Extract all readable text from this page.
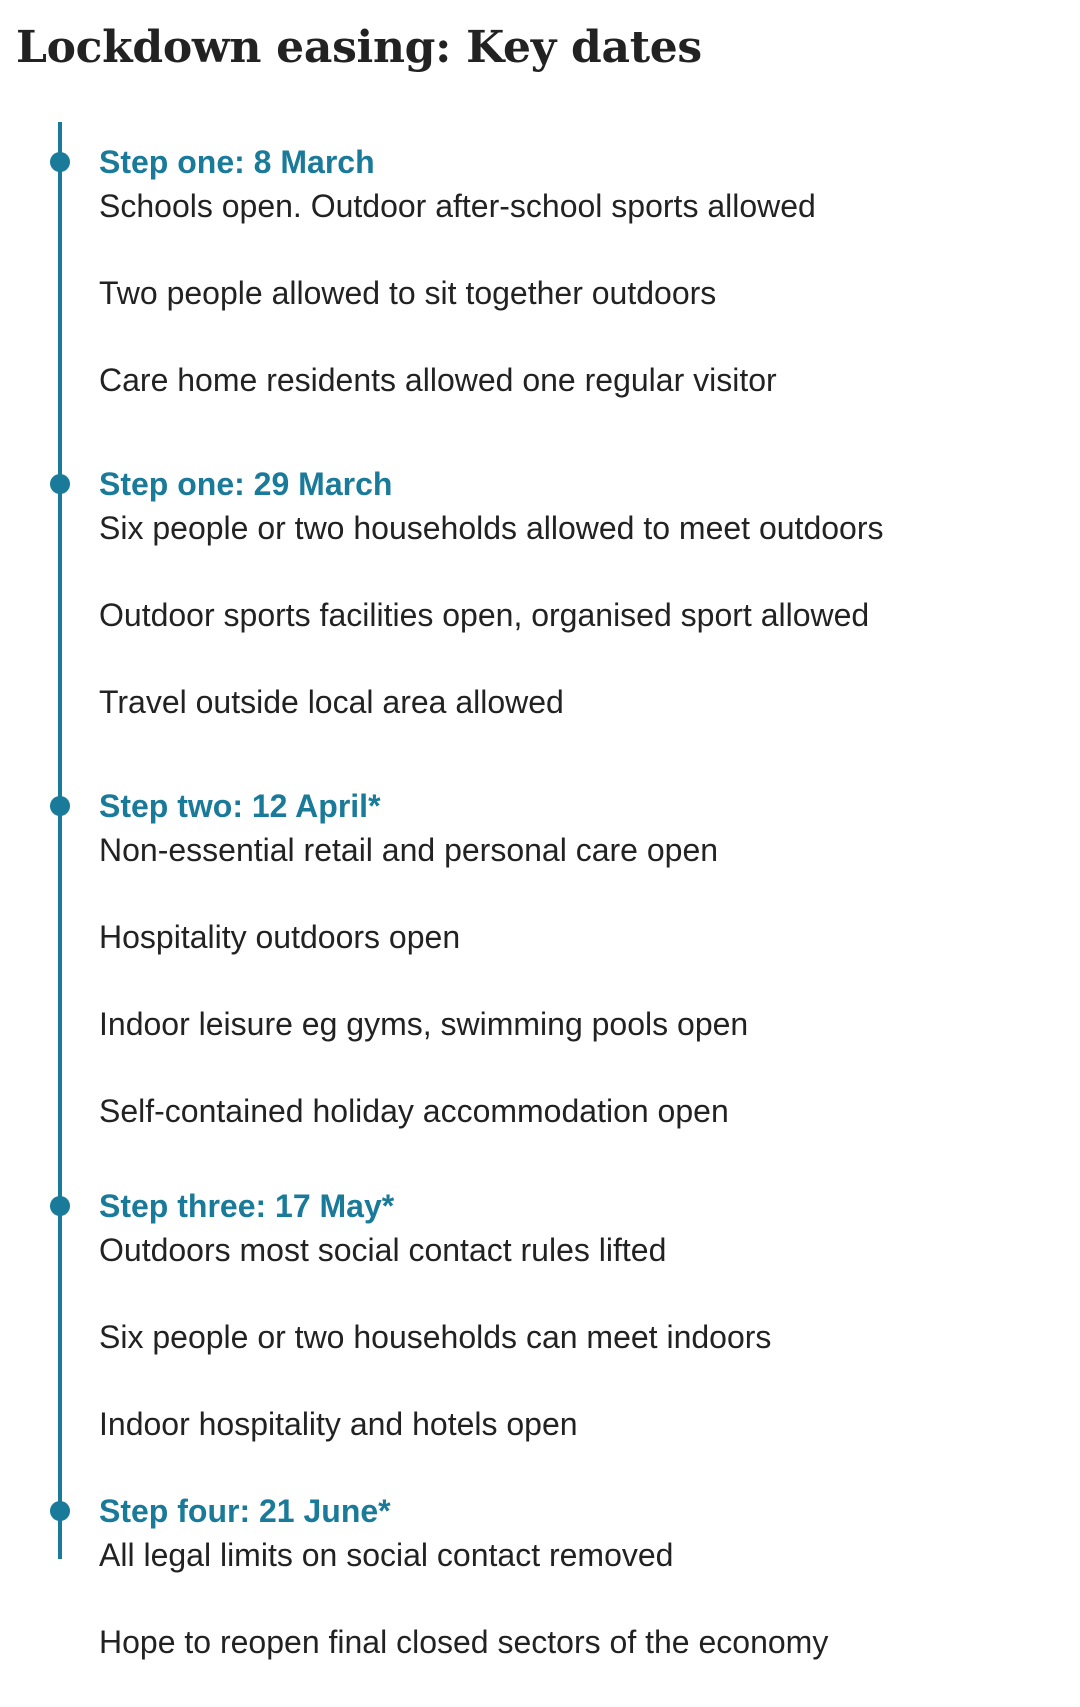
Lockdown easing: Key dates
Step one: 8 March
Schools open. Outdoor after-school sports allowed
Two people allowed to sit together outdoors
Care home residents allowed one regular visitor
Step one: 29 March
Six people or two households allowed to meet outdoors
Outdoor sports facilities open, organised sport allowed
Travel outside local area allowed
Step two: 12 April*
Non-essential retail and personal care open
Hospitality outdoors open
Indoor leisure eg gyms, swimming pools open
Self-contained holiday accommodation open
Step three: 17 May*
Outdoors most social contact rules lifted
Six people or two households can meet indoors
Indoor hospitality and hotels open
Step four: 21 June*
All legal limits on social contact removed
Hope to reopen final closed sectors of the economy
